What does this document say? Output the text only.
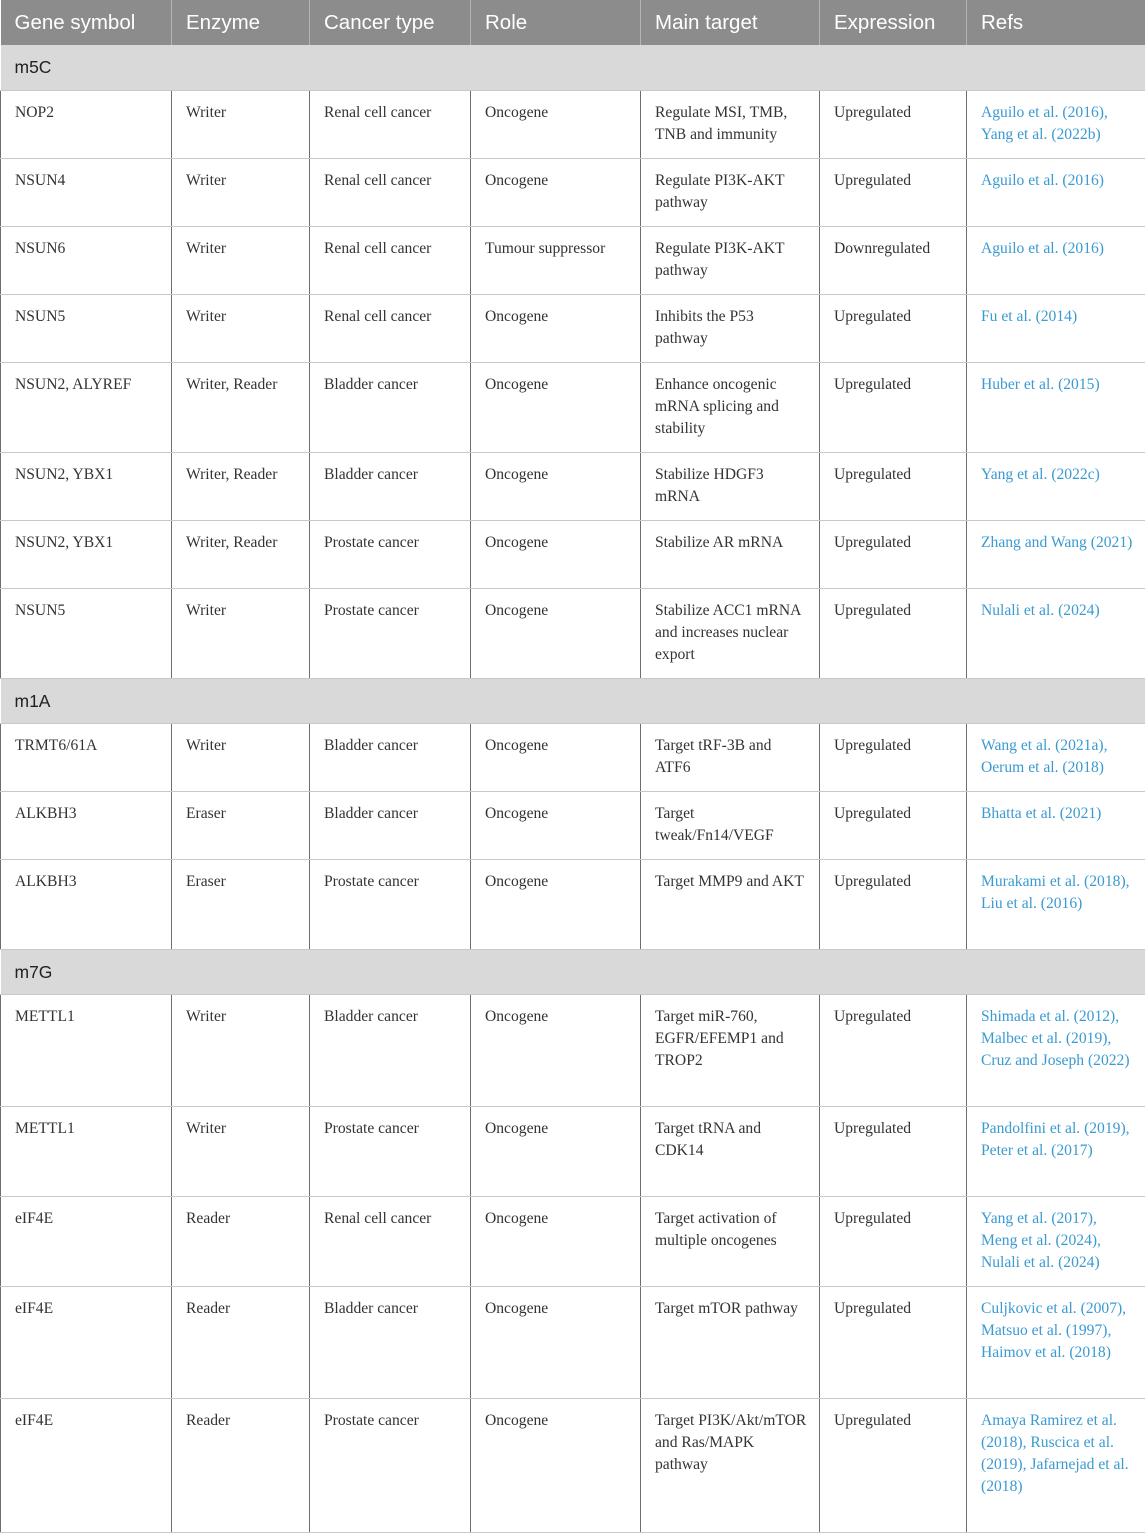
Gene symbol	Enzyme	Cancer type	Role	Main target	Expression	Refs
m5C						
NOP2	Writer	Renal cell cancer	Oncogene	Regulate MSI, TMB, TNB and immunity	Upregulated	Aguilo et al. (2016), Yang et al. (2022b)
NSUN4	Writer	Renal cell cancer	Oncogene	Regulate PI3K-AKT pathway	Upregulated	Aguilo et al. (2016)
NSUN6	Writer	Renal cell cancer	Tumour suppressor	Regulate PI3K-AKT pathway	Downregulated	Aguilo et al. (2016)
NSUN5	Writer	Renal cell cancer	Oncogene	Inhibits the P53 pathway	Upregulated	Fu et al. (2014)
NSUN2, ALYREF	Writer, Reader	Bladder cancer	Oncogene	Enhance oncogenic mRNA splicing and stability	Upregulated	Huber et al. (2015)
NSUN2, YBX1	Writer, Reader	Bladder cancer	Oncogene	Stabilize HDGF3 mRNA	Upregulated	Yang et al. (2022c)
NSUN2, YBX1	Writer, Reader	Prostate cancer	Oncogene	Stabilize AR mRNA	Upregulated	Zhang and Wang (2021)
NSUN5	Writer	Prostate cancer	Oncogene	Stabilize ACC1 mRNA and increases nuclear export	Upregulated	Nulali et al. (2024)
m1A						
TRMT6/61A	Writer	Bladder cancer	Oncogene	Target tRF-3B and ATF6	Upregulated	Wang et al. (2021a), Oerum et al. (2018)
ALKBH3	Eraser	Bladder cancer	Oncogene	Target tweak/Fn14/VEGF	Upregulated	Bhatta et al. (2021)
ALKBH3	Eraser	Prostate cancer	Oncogene	Target MMP9 and AKT	Upregulated	Murakami et al. (2018), Liu et al. (2016)
m7G						
METTL1	Writer	Bladder cancer	Oncogene	Target miR-760, EGFR/EFEMP1 and TROP2	Upregulated	Shimada et al. (2012), Malbec et al. (2019), Cruz and Joseph (2022)
METTL1	Writer	Prostate cancer	Oncogene	Target tRNA and CDK14	Upregulated	Pandolfini et al. (2019), Peter et al. (2017)
eIF4E	Reader	Renal cell cancer	Oncogene	Target activation of multiple oncogenes	Upregulated	Yang et al. (2017), Meng et al. (2024), Nulali et al. (2024)
eIF4E	Reader	Bladder cancer	Oncogene	Target mTOR pathway	Upregulated	Culjkovic et al. (2007), Matsuo et al. (1997), Haimov et al. (2018)
eIF4E	Reader	Prostate cancer	Oncogene	Target PI3K/Akt/mTOR and Ras/MAPK pathway	Upregulated	Amaya Ramirez et al. (2018), Ruscica et al. (2019), Jafarnejad et al. (2018)
